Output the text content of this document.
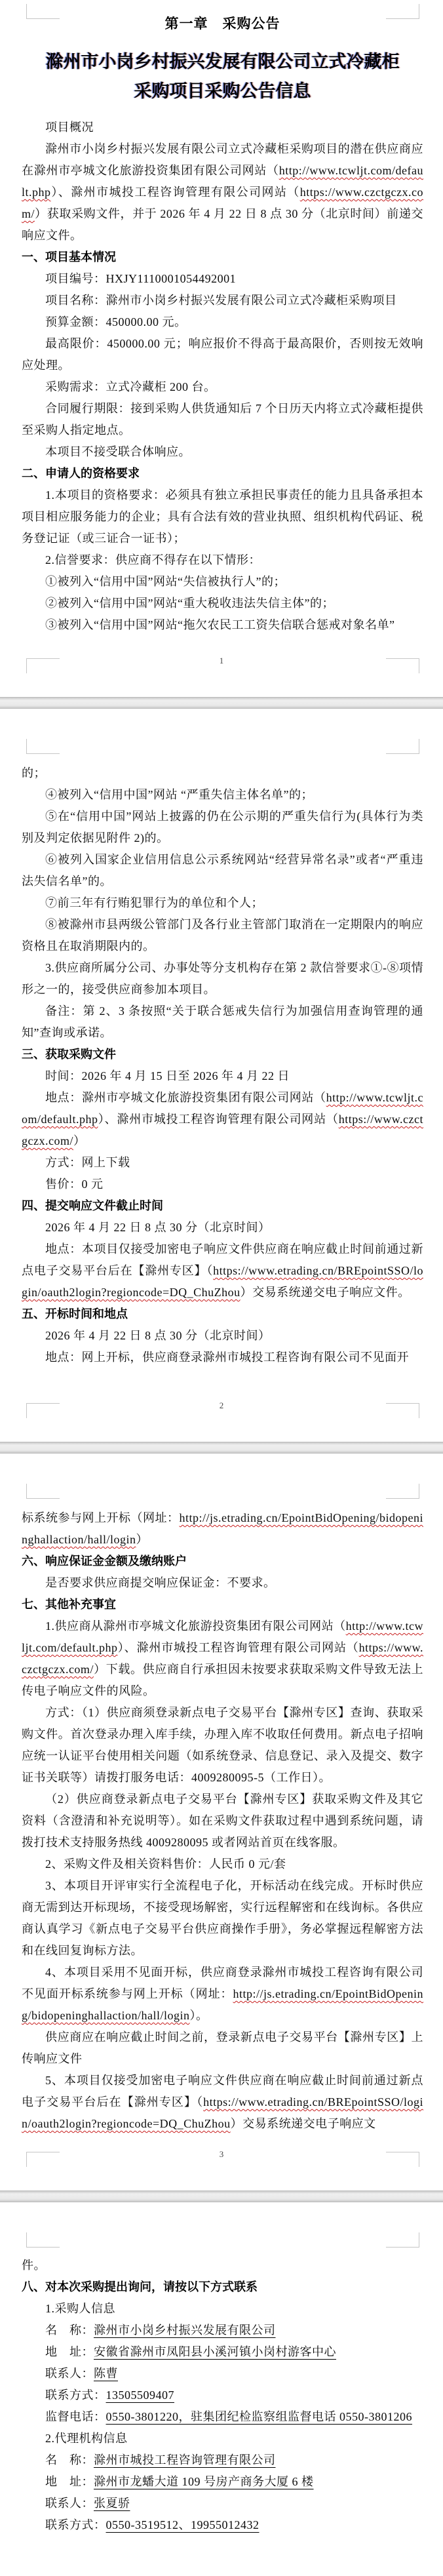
第一章　采购公告
滁州市小岗乡村振兴发展有限公司立式冷藏柜
采购项目采购公告信息

项目概况

滁州市小岗乡村振兴发展有限公司立式冷藏柜采购项目的潜在供应商应在滁州市亭城文化旅游投资集团有限公司网站（http://www.tcwljt.com/default.php）、滁州市城投工程咨询管理有限公司网站（https://www.czctgczx.com/）获取采购文件，并于 2026 年 4 月 22 日 8 点 30 分（北京时间）前递交响应文件。

一、项目基本情况

项目编号：HXJY1110001054492001

项目名称：滁州市小岗乡村振兴发展有限公司立式冷藏柜采购项目

预算金额：450000.00 元。

最高限价：450000.00 元；响应报价不得高于最高限价，否则按无效响应处理。

采购需求：立式冷藏柜 200 台。

合同履行期限：接到采购人供货通知后 7 个日历天内将立式冷藏柜提供至采购人指定地点。

本项目不接受联合体响应。

二、申请人的资格要求

1.本项目的资格要求：必须具有独立承担民事责任的能力且具备承担本项目相应服务能力的企业；具有合法有效的营业执照、组织机构代码证、税务登记证（或三证合一证书）；

2.信誉要求：供应商不得存在以下情形：

①被列入“信用中国”网站“失信被执行人”的；

②被列入“信用中国”网站“重大税收违法失信主体”的；

③被列入“信用中国”网站“拖欠农民工工资失信联合惩戒对象名单”

1

的；

④被列入“信用中国”网站 “严重失信主体名单”的；

⑤在“信用中国”网站上披露的仍在公示期的严重失信行为(具体行为类别及判定依据见附件 2)的。

⑥被列入国家企业信用信息公示系统网站“经营异常名录”或者“严重违法失信名单”的。

⑦前三年有行贿犯罪行为的单位和个人；

⑧被滁州市县两级公管部门及各行业主管部门取消在一定期限内的响应资格且在取消期限内的。

3.供应商所属分公司、办事处等分支机构存在第 2 款信誉要求①-⑧项情形之一的，接受供应商参加本项目。

备注：第 2、3 条按照“关于联合惩戒失信行为加强信用查询管理的通知”查询或承诺。

三、获取采购文件

时间：2026 年 4 月 15 日至 2026 年 4 月 22 日

地点：滁州市亭城文化旅游投资集团有限公司网站（http://www.tcwljt.com/default.php）、滁州市城投工程咨询管理有限公司网站（https://www.czctgczx.com/）

方式：网上下载

售价：0 元

四、提交响应文件截止时间

2026 年 4 月 22 日 8 点 30 分（北京时间）

地点：本项目仅接受加密电子响应文件供应商在响应截止时间前通过新点电子交易平台后在【滁州专区】（https://www.etrading.cn/BREpointSSO/login/oauth2login?regioncode=DQ_ChuZhou）交易系统递交电子响应文件。

五、开标时间和地点

2026 年 4 月 22 日 8 点 30 分（北京时间）

地点：网上开标，供应商登录滁州市城投工程咨询有限公司不见面开

2

标系统参与网上开标（网址：http://js.etrading.cn/EpointBidOpening/bidopeninghallaction/hall/login）

六、响应保证金金额及缴纳账户

是否要求供应商提交响应保证金：不要求。

七、其他补充事宜

1.供应商从滁州市亭城文化旅游投资集团有限公司网站（http://www.tcwljt.com/default.php）、滁州市城投工程咨询管理有限公司网站（https://www.czctgczx.com/）下载。供应商自行承担因未按要求获取采购文件导致无法上传电子响应文件的风险。

方式：（1）供应商须登录新点电子交易平台【滁州专区】查询、获取采购文件。首次登录办理入库手续，办理入库不收取任何费用。新点电子招响应统一认证平台使用相关问题（如系统登录、信息登记、录入及提交、数字证书关联等）请拨打服务电话：4009280095-5（工作日）。

（2）供应商登录新点电子交易平台【滁州专区】获取采购文件及其它资料（含澄清和补充说明等）。如在采购文件获取过程中遇到系统问题，请拨打技术支持服务热线 4009280095 或者网站首页在线客服。

2、采购文件及相关资料售价：人民币 0 元/套

3、本项目开评审实行全流程电子化，开标活动在线完成。开标时供应商无需到达开标现场，不接受现场解密，实行远程解密和在线询标。各供应商认真学习《新点电子交易平台供应商操作手册》，务必掌握远程解密方法和在线回复询标方法。

4、本项目采用不见面开标，供应商登录滁州市城投工程咨询有限公司不见面开标系统参与网上开标（网址：http://js.etrading.cn/EpointBidOpening/bidopeninghallaction/hall/login）。

供应商应在响应截止时间之前，登录新点电子交易平台【滁州专区】上传响应文件

5、本项目仅接受加密电子响应文件供应商在响应截止时间前通过新点电子交易平台后在【滁州专区】（https://www.etrading.cn/BREpointSSO/login/oauth2login?regioncode=DQ_ChuZhou）交易系统递交电子响应文

3

件。

八、对本次采购提出询问，请按以下方式联系

1.采购人信息

名　称：滁州市小岗乡村振兴发展有限公司

地　址：安徽省滁州市凤阳县小溪河镇小岗村游客中心

联系人：陈曹

联系方式：13505509407

监督电话：0550-3801220，驻集团纪检监察组监督电话 0550-3801206

2.代理机构信息

名　称：滁州市城投工程咨询管理有限公司

地　址：滁州市龙蟠大道 109 号房产商务大厦 6 楼

联系人：张夏骄

联系方式：0550-3519512、19955012432
